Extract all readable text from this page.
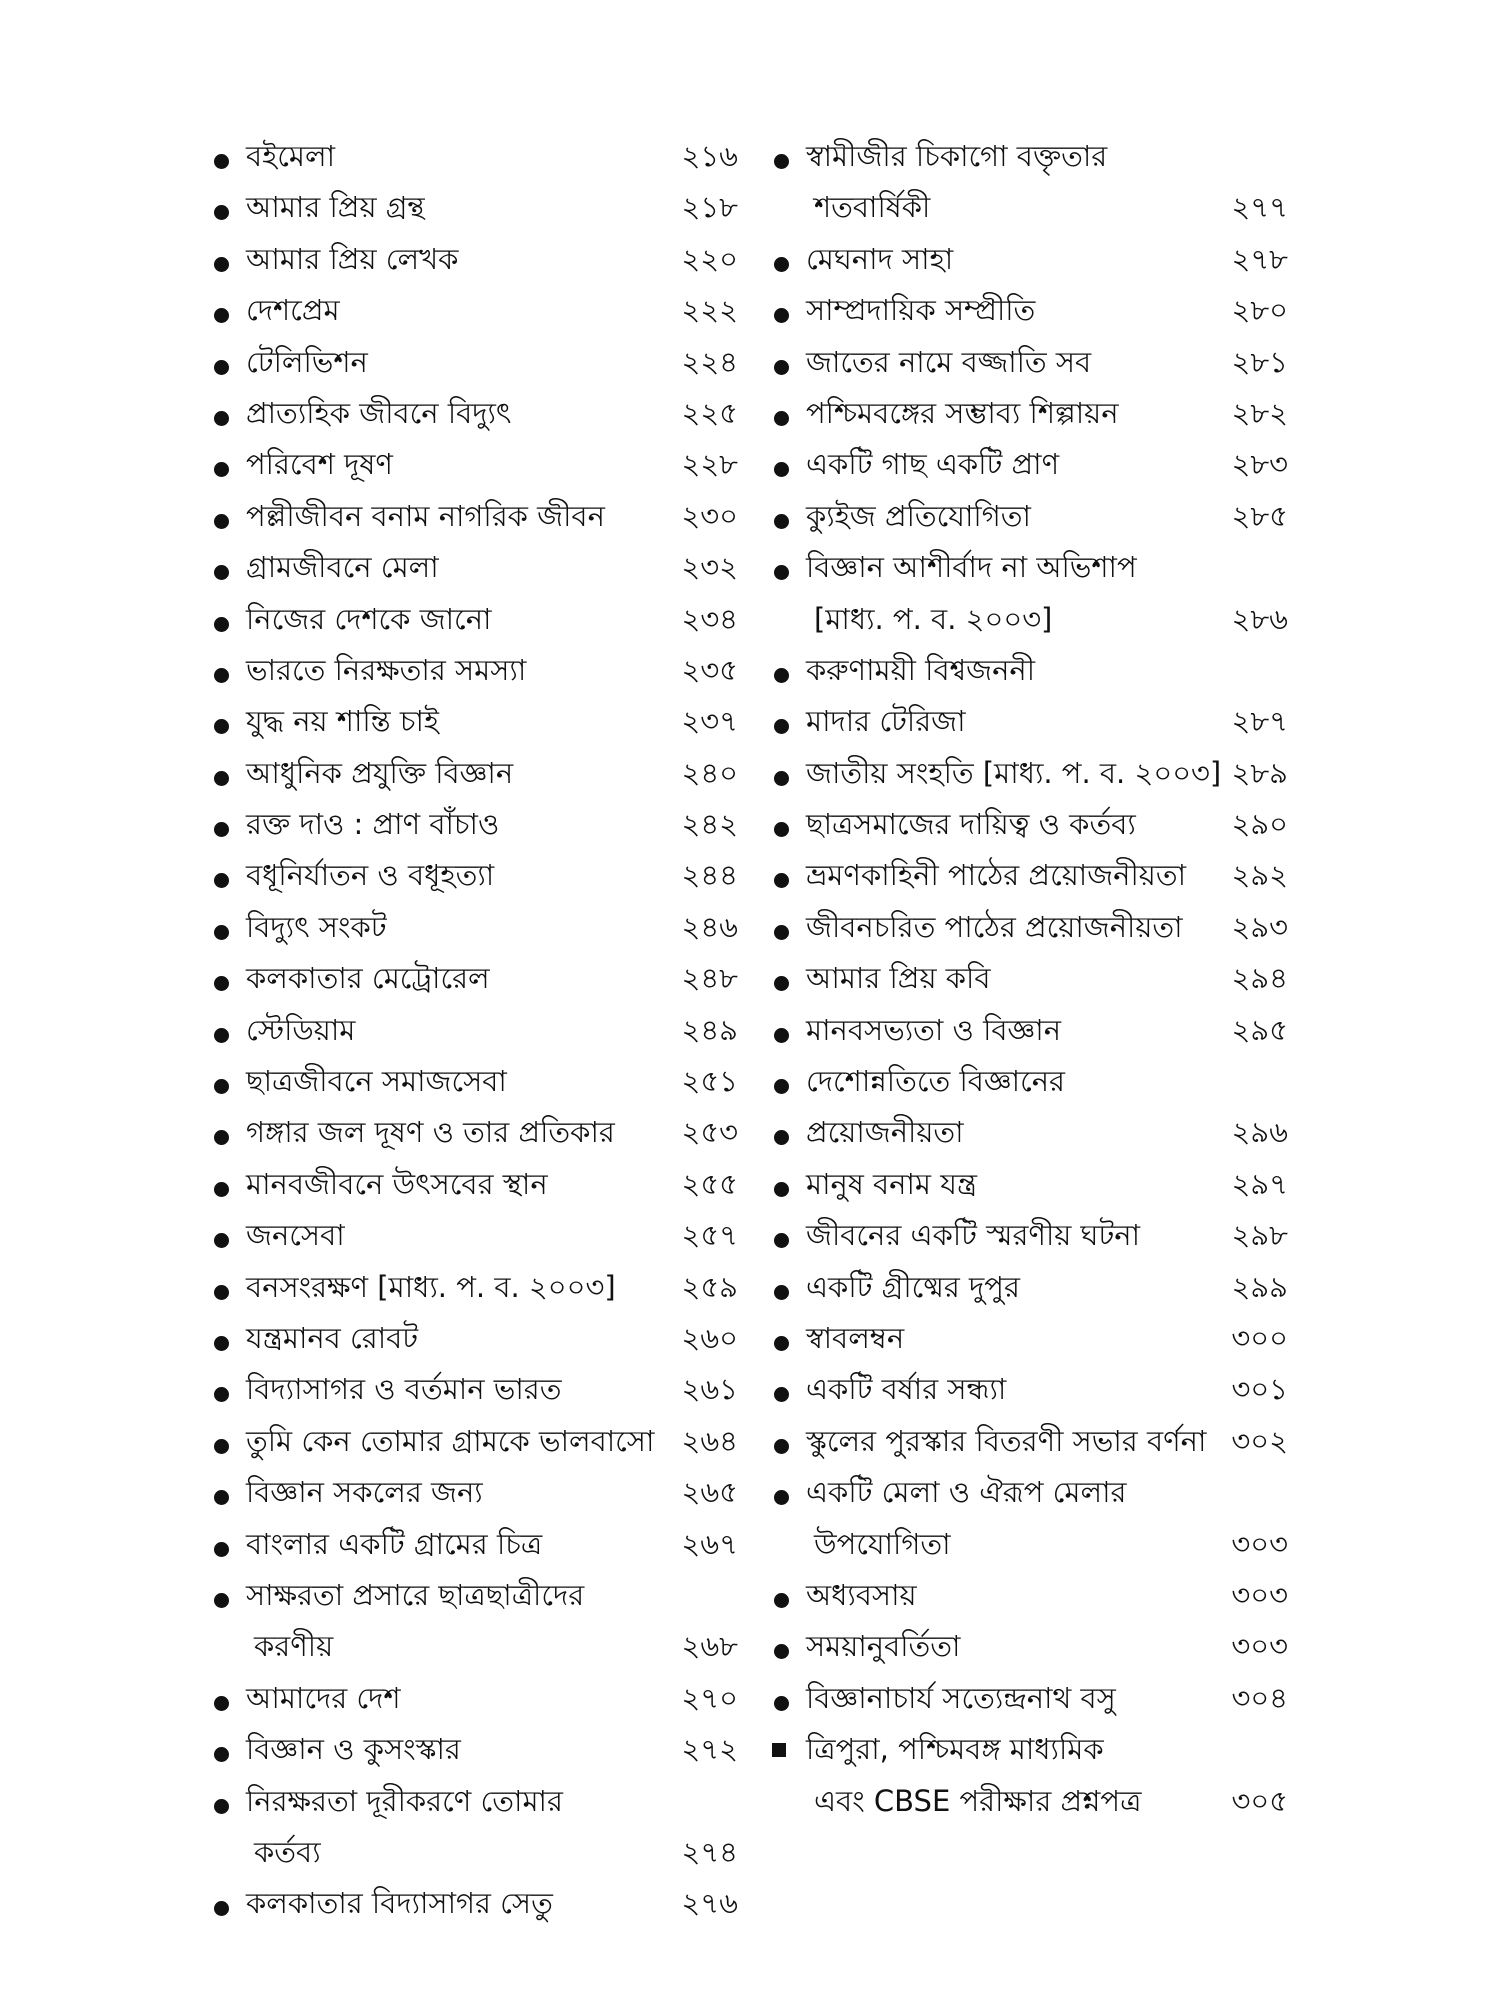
বইমেলা	২১৬
আমার প্রিয় গ্রন্থ	২১৮
আমার প্রিয় লেখক	২২০
দেশপ্রেম	২২২
টেলিভিশন	২২৪
প্রাত্যহিক জীবনে বিদ্যুৎ	২২৫
পরিবেশ দূষণ	২২৮
পল্লীজীবন বনাম নাগরিক জীবন	২৩০
গ্রামজীবনে মেলা	২৩২
নিজের দেশকে জানো	২৩৪
ভারতে নিরক্ষতার সমস্যা	২৩৫
যুদ্ধ নয় শান্তি চাই	২৩৭
আধুনিক প্রযুক্তি বিজ্ঞান	২৪০
রক্ত দাও : প্রাণ বাঁচাও	২৪২
বধূনির্যাতন ও বধূহত্যা	২৪৪
বিদ্যুৎ সংকট	২৪৬
কলকাতার মেট্রোরেল	২৪৮
স্টেডিয়াম	২৪৯
ছাত্রজীবনে সমাজসেবা	২৫১
গঙ্গার জল দূষণ ও তার প্রতিকার ২৫৩
মানবজীবনে উৎসবের স্থান	২৫৫
জনসেবা	২৫৭
বনসংরক্ষণ [মাধ্য. প. ব. ২০০৩] ২৫৯
যন্ত্রমানব রোবট	২৬০
বিদ্যাসাগর ও বর্তমান ভারত	২৬১
তুমি কেন তোমার গ্রামকে ভালবাসো ২৬৪
বিজ্ঞান সকলের জন্য	২৬৫
বাংলার একটি গ্রামের চিত্র	২৬৭
সাক্ষরতা প্রসারে ছাত্রছাত্রীদের
করণীয়	২৬৮
আমাদের দেশ	২৭০
বিজ্ঞান ও কুসংস্কার	২৭২
নিরক্ষরতা দূরীকরণে তোমার
কর্তব্য	২৭৪
কলকাতার বিদ্যাসাগর সেতু	২৭৬
স্বামীজীর চিকাগো বক্তৃতার
শতবার্ষিকী	২৭৭
মেঘনাদ সাহা	২৭৮
সাম্প্রদায়িক সম্প্রীতি	২৮০
জাতের নামে বজ্জাতি সব	২৮১
পশ্চিমবঙ্গের সম্ভাব্য শিল্পায়ন	২৮২
একটি গাছ একটি প্রাণ	২৮৩
ক্যুইজ প্রতিযোগিতা	২৮৫
বিজ্ঞান আশীর্বাদ না অভিশাপ
[মাধ্য. প. ব. ২০০৩]	২৮৬
করুণাময়ী বিশ্বজননী
মাদার টেরিজা	২৮৭
জাতীয় সংহতি [মাধ্য. প. ব. ২০০৩] ২৮৯
ছাত্রসমাজের দায়িত্ব ও কর্তব্য	২৯০
ভ্রমণকাহিনী পাঠের প্রয়োজনীয়তা ২৯২
জীবনচরিত পাঠের প্রয়োজনীয়তা ২৯৩
আমার প্রিয় কবি	২৯৪
মানবসভ্যতা ও বিজ্ঞান	২৯৫
দেশোন্নতিতে বিজ্ঞানের
প্রয়োজনীয়তা	২৯৬
মানুষ বনাম যন্ত্র	২৯৭
জীবনের একটি স্মরণীয় ঘটনা	২৯৮
একটি গ্রীষ্মের দুপুর	২৯৯
স্বাবলম্বন	৩০০
একটি বর্ষার সন্ধ্যা	৩০১
স্কুলের পুরস্কার বিতরণী সভার বর্ণনা ৩০২
একটি মেলা ও ঐরূপ মেলার
উপযোগিতা	৩০৩
অধ্যবসায়	৩০৩
সময়ানুবর্তিতা	৩০৩
বিজ্ঞানাচার্য সত্যেন্দ্রনাথ বসু	৩০৪
ত্রিপুরা, পশ্চিমবঙ্গ মাধ্যমিক
এবং CBSE পরীক্ষার প্রশ্নপত্র	৩০৫
